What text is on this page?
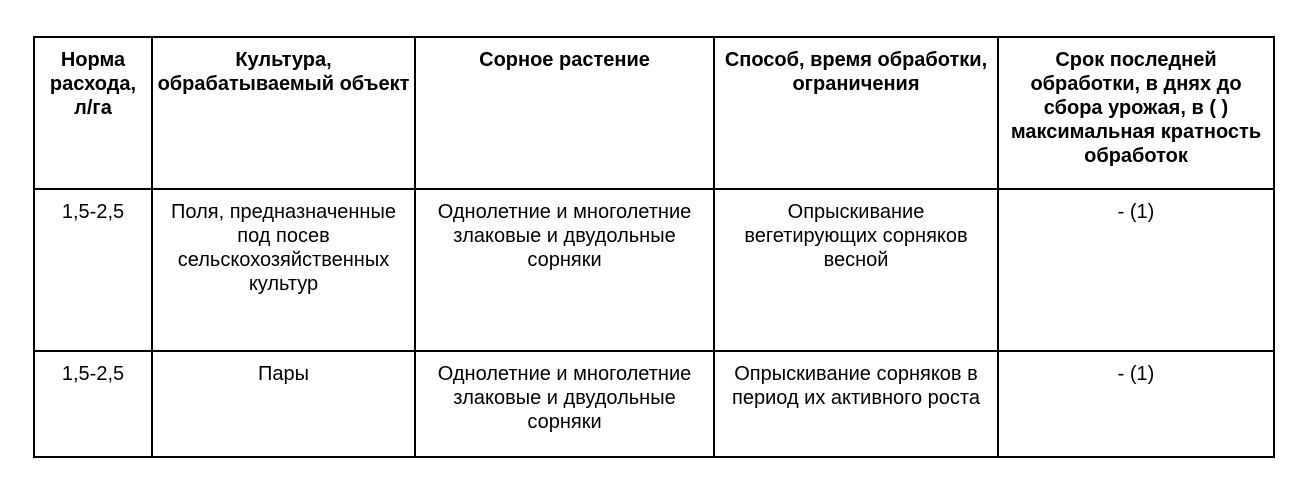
Норма расхода, л/га	Культура, обрабатываемый объект	Сорное растение	Способ, время обработки, ограничения	Срок последней обработки, в днях до сбора урожая, в ( ) максимальная кратность обработок

1,5-2,5	Поля, предназначенные под посев сельскохозяйственных культур	Однолетние и многолетние злаковые и двудольные сорняки	Опрыскивание вегетирующих сорняков весной	- (1)

1,5-2,5	Пары	Однолетние и многолетние злаковые и двудольные сорняки	Опрыскивание сорняков в период их активного роста	- (1)
